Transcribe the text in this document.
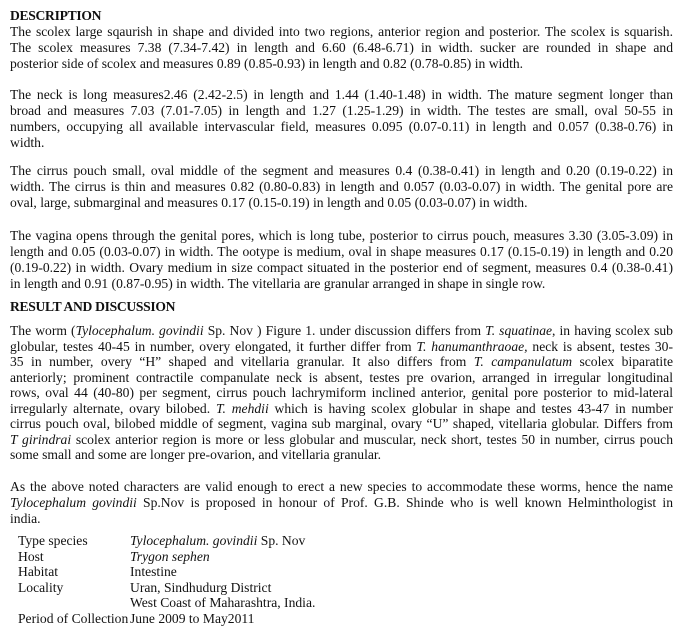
DESCRIPTION
The scolex large sqaurish in shape and divided into two regions, anterior region and posterior. The scolex is squarish.
The scolex measures 7.38 (7.34-7.42) in length and 6.60 (6.48-6.71) in width. sucker are rounded in shape and
posterior side of scolex and measures 0.89 (0.85-0.93) in length and 0.82 (0.78-0.85) in width.
The neck is long measures2.46 (2.42-2.5) in length and 1.44 (1.40-1.48) in width. The mature segment longer than
broad and measures 7.03 (7.01-7.05) in length and 1.27 (1.25-1.29) in width. The testes are small, oval 50-55 in
numbers, occupying all available intervascular field, measures 0.095 (0.07-0.11) in length and 0.057 (0.38-0.76) in
width.
The cirrus pouch small, oval middle of the segment and measures 0.4 (0.38-0.41) in length and 0.20 (0.19-0.22) in
width. The cirrus is thin and measures 0.82 (0.80-0.83) in length and 0.057 (0.03-0.07) in width. The genital pore are
oval, large, submarginal and measures 0.17 (0.15-0.19) in length and 0.05 (0.03-0.07) in width.
The vagina opens through the genital pores, which is long tube, posterior to cirrus pouch, measures 3.30 (3.05-3.09) in
length and 0.05 (0.03-0.07) in width. The ootype is medium, oval in shape measures 0.17 (0.15-0.19) in length and 0.20
(0.19-0.22) in width. Ovary medium in size compact situated in the posterior end of segment, measures 0.4 (0.38-0.41)
in length and 0.91 (0.87-0.95) in width. The vitellaria are granular arranged in shape in single row.
RESULT AND DISCUSSION
The worm (Tylocephalum. govindii Sp. Nov ) Figure 1. under discussion differs from T. squatinae, in having scolex sub
globular, testes 40-45 in number, overy elongated, it further differ from T. hanumanthraoae, neck is absent, testes 30-
35 in number, overy “H” shaped and vitellaria granular. It also differs from T. campanulatum scolex biparatite
anteriorly; prominent contractile companulate neck is absent, testes pre ovarion, arranged in irregular longitudinal
rows, oval 44 (40-80) per segment, cirrus pouch lachrymiform inclined anterior, genital pore posterior to mid-lateral
irregularly alternate, ovary bilobed. T. mehdii which is having scolex globular in shape and testes 43-47 in number
cirrus pouch oval, bilobed middle of segment, vagina sub marginal, ovary “U” shaped, vitellaria globular. Differs from
T girindrai scolex anterior region is more or less globular and muscular, neck short, testes 50 in number, cirrus pouch
some small and some are longer pre-ovarion, and vitellaria granular.
As the above noted characters are valid enough to erect a new species to accommodate these worms, hence the name
Tylocephalum govindii Sp.Nov is proposed in honour of Prof. G.B. Shinde who is well known Helminthologist in
india.
Type species	Tylocephalum. govindii Sp. Nov
Host	Trygon sephen
Habitat	Intestine
Locality	Uran, Sindhudurg District
West Coast of Maharashtra, India.
Period of Collection June 2009 to May2011
